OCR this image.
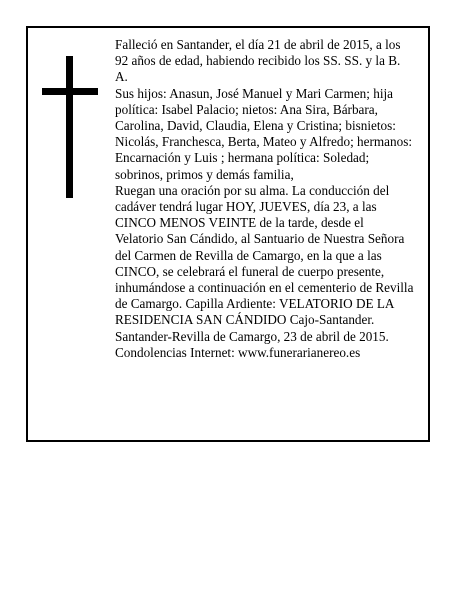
Falleció en Santander, el día 21 de abril de 2015, a los 92 años de edad, habiendo recibido los SS. SS. y la B. A.

Sus hijos: Anasun, José Manuel y Mari Carmen; hija política: Isabel Palacio; nietos: Ana Sira, Bárbara, Carolina, David, Claudia, Elena y Cristina; bisnietos: Nicolás, Franchesca, Berta, Mateo y Alfredo; hermanos: Encarnación y Luis ; hermana política: Soledad; sobrinos, primos y demás familia,

Ruegan una oración por su alma. La conducción del cadáver tendrá lugar HOY, JUEVES, día 23, a las CINCO MENOS VEINTE de la tarde, desde el Velatorio San Cándido, al Santuario de Nuestra Señora del Carmen de Revilla de Camargo, en la que a las CINCO, se celebrará el funeral de cuerpo presente, inhumándose a continuación en el cementerio de Revilla de Camargo. Capilla Ardiente: VELATORIO DE LA RESIDENCIA SAN CÁNDIDO Cajo-Santander.

Santander-Revilla de Camargo, 23 de abril de 2015.

Condolencias Internet: www.funerarianereo.es
